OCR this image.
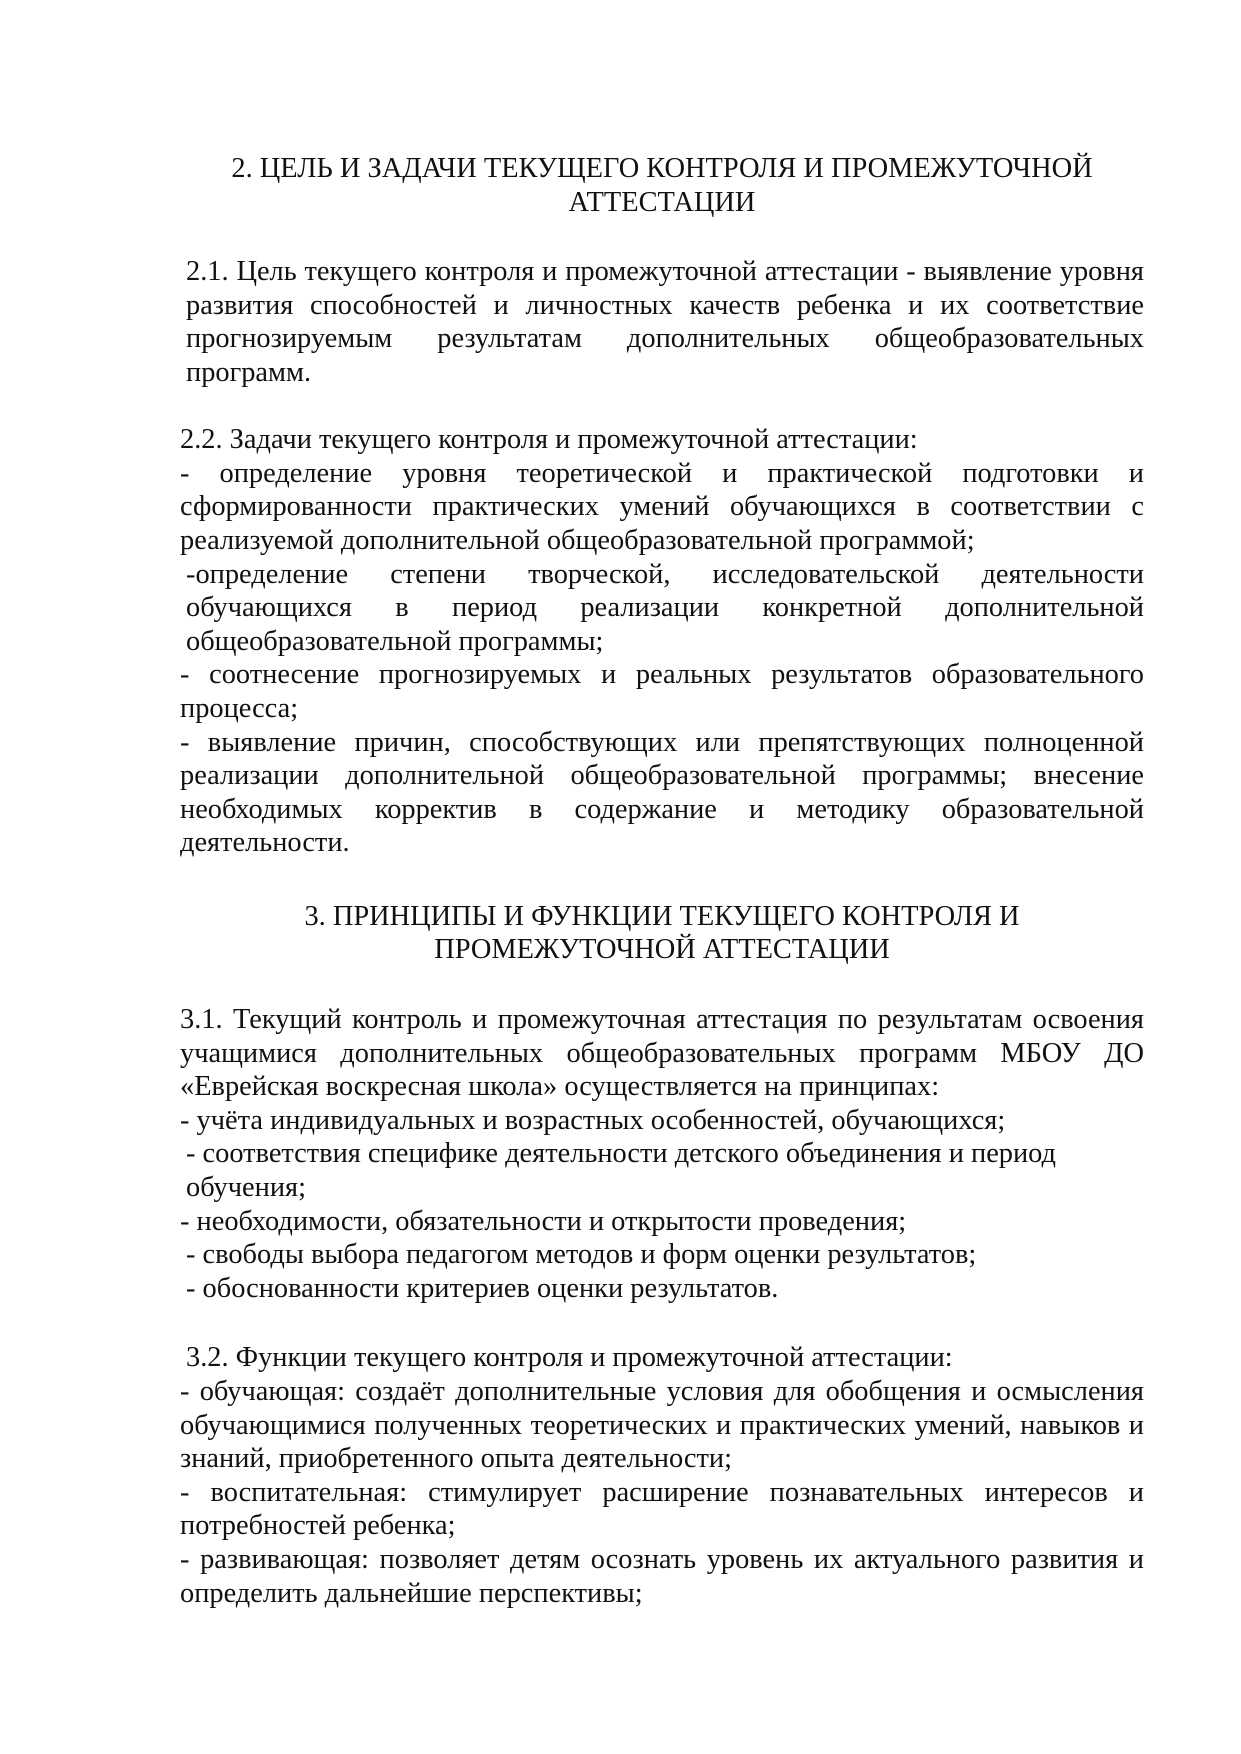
2. ЦЕЛЬ И ЗАДАЧИ ТЕКУЩЕГО КОНТРОЛЯ И ПРОМЕЖУТОЧНОЙ
АТТЕСТАЦИИ

2.1. Цель текущего контроля и промежуточной аттестации - выявление уровня развития способностей и личностных качеств ребенка и их соответствие прогнозируемым результатам дополнительных общеобразовательных программ.

2.2. Задачи текущего контроля и промежуточной аттестации:

- определение уровня теоретической и практической подготовки и сформированности практических умений обучающихся в соответствии с реализуемой дополнительной общеобразовательной программой;

-определение степени творческой, исследовательской деятельности обучающихся в период реализации конкретной дополнительной общеобразовательной программы;

- соотнесение прогнозируемых и реальных результатов образовательного процесса;

- выявление причин, способствующих или препятствующих полноценной реализации дополнительной общеобразовательной программы; внесение необходимых корректив в содержание и методику образовательной деятельности.

3. ПРИНЦИПЫ И ФУНКЦИИ ТЕКУЩЕГО КОНТРОЛЯ И
ПРОМЕЖУТОЧНОЙ АТТЕСТАЦИИ

3.1. Текущий контроль и промежуточная аттестация по результатам освоения учащимися дополнительных общеобразовательных программ МБОУ ДО «Еврейская воскресная школа» осуществляется на принципах:

- учёта индивидуальных и возрастных особенностей, обучающихся;

- соответствия специфике деятельности детского объединения и период обучения;

- необходимости, обязательности и открытости проведения;

- свободы выбора педагогом методов и форм оценки результатов;

- обоснованности критериев оценки результатов.

3.2. Функции текущего контроля и промежуточной аттестации:

- обучающая: создаёт дополнительные условия для обобщения и осмысления обучающимися полученных теоретических и практических умений, навыков и знаний, приобретенного опыта деятельности;

- воспитательная: стимулирует расширение познавательных интересов и потребностей ребенка;

- развивающая: позволяет детям осознать уровень их актуального развития и определить дальнейшие перспективы;
